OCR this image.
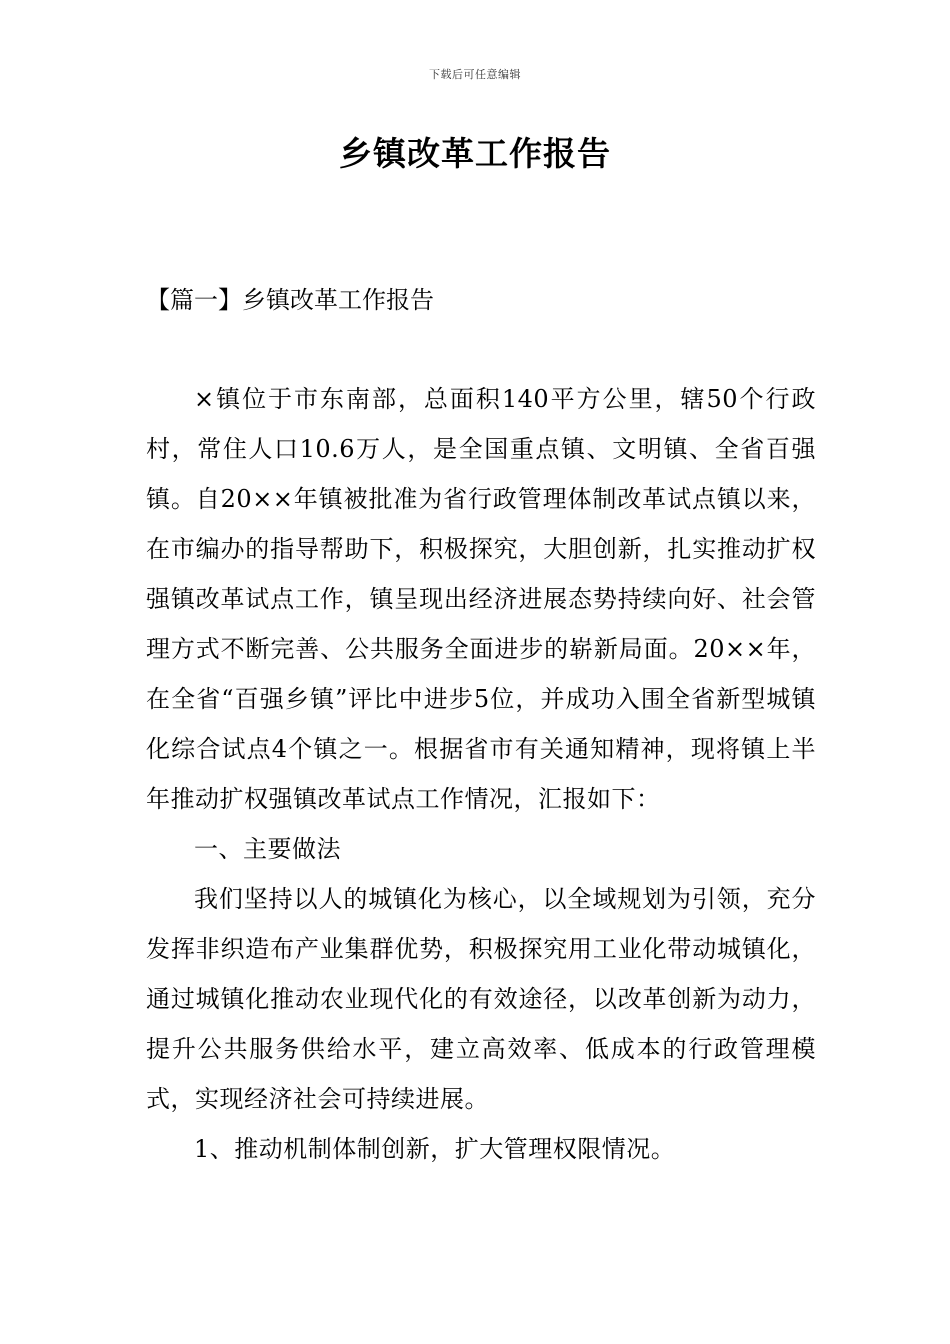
下载后可任意编辑
乡镇改革工作报告
【篇一】乡镇改革工作报告

×镇位于市东南部，总面积140平方公里，辖50个行政村，常住人口10.6万人，是全国重点镇、文明镇、全省百强镇。自20××年镇被批准为省行政管理体制改革试点镇以来，在市编办的指导帮助下，积极探究，大胆创新，扎实推动扩权强镇改革试点工作，镇呈现出经济进展态势持续向好、社会管理方式不断完善、公共服务全面进步的崭新局面。20××年，在全省“百强乡镇”评比中进步5位，并成功入围全省新型城镇化综合试点4个镇之一。根据省市有关通知精神，现将镇上半年推动扩权强镇改革试点工作情况，汇报如下：

一、主要做法

我们坚持以人的城镇化为核心，以全域规划为引领，充分发挥非织造布产业集群优势，积极探究用工业化带动城镇化，通过城镇化推动农业现代化的有效途径，以改革创新为动力，提升公共服务供给水平，建立高效率、低成本的行政管理模式，实现经济社会可持续进展。

1、推动机制体制创新，扩大管理权限情况。
